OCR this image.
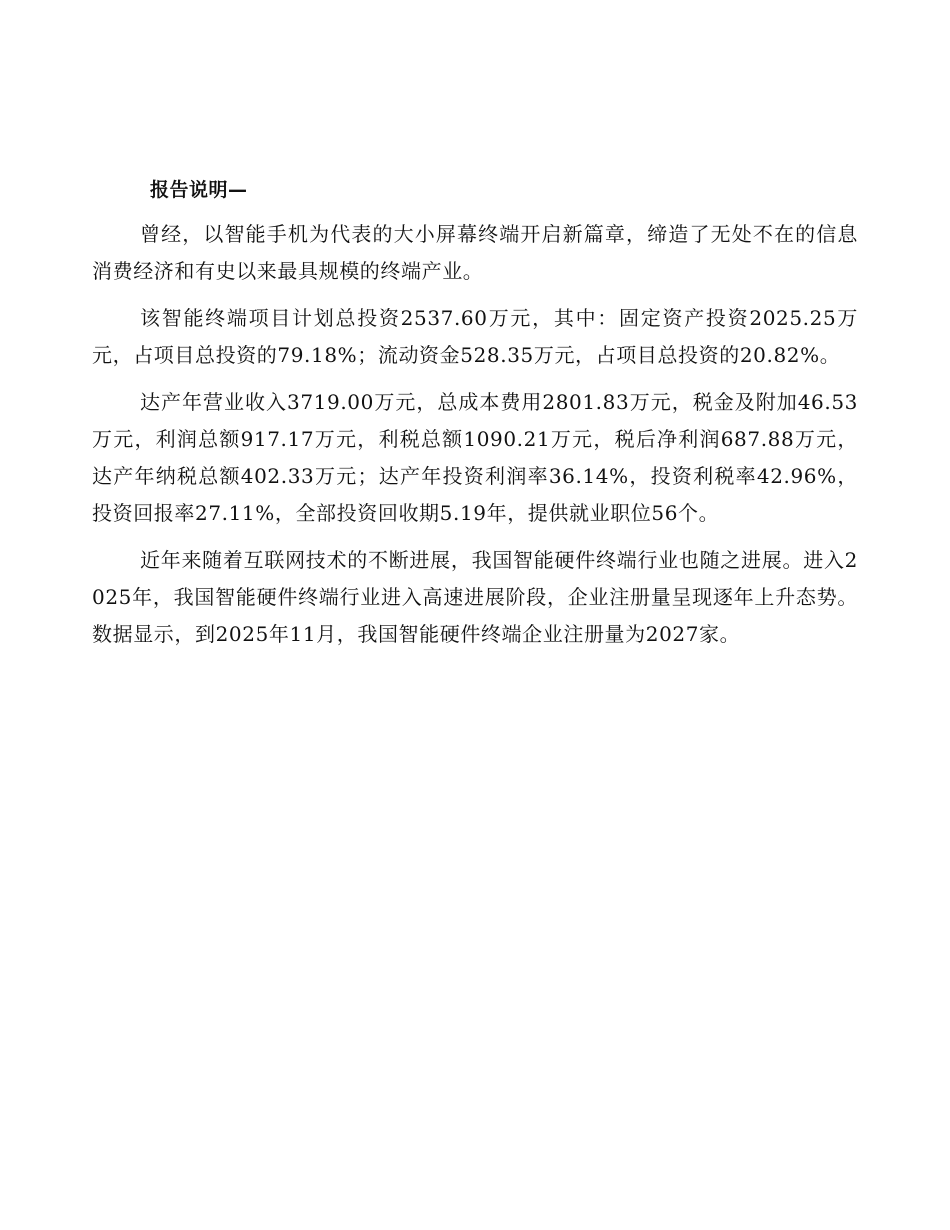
报告说明—

曾经，以智能手机为代表的大小屏幕终端开启新篇章，缔造了无处不在的信息消费经济和有史以来最具规模的终端产业。

该智能终端项目计划总投资2537.60万元，其中：固定资产投资2025.25万元，占项目总投资的79.18%；流动资金528.35万元，占项目总投资的20.82%。

达产年营业收入3719.00万元，总成本费用2801.83万元，税金及附加46.53万元，利润总额917.17万元，利税总额1090.21万元，税后净利润687.88万元，达产年纳税总额402.33万元；达产年投资利润率36.14%，投资利税率42.96%，投资回报率27.11%，全部投资回收期5.19年，提供就业职位56个。

近年来随着互联网技术的不断进展，我国智能硬件终端行业也随之进展。进入2025年，我国智能硬件终端行业进入高速进展阶段，企业注册量呈现逐年上升态势。数据显示，到2025年11月，我国智能硬件终端企业注册量为2027家。
